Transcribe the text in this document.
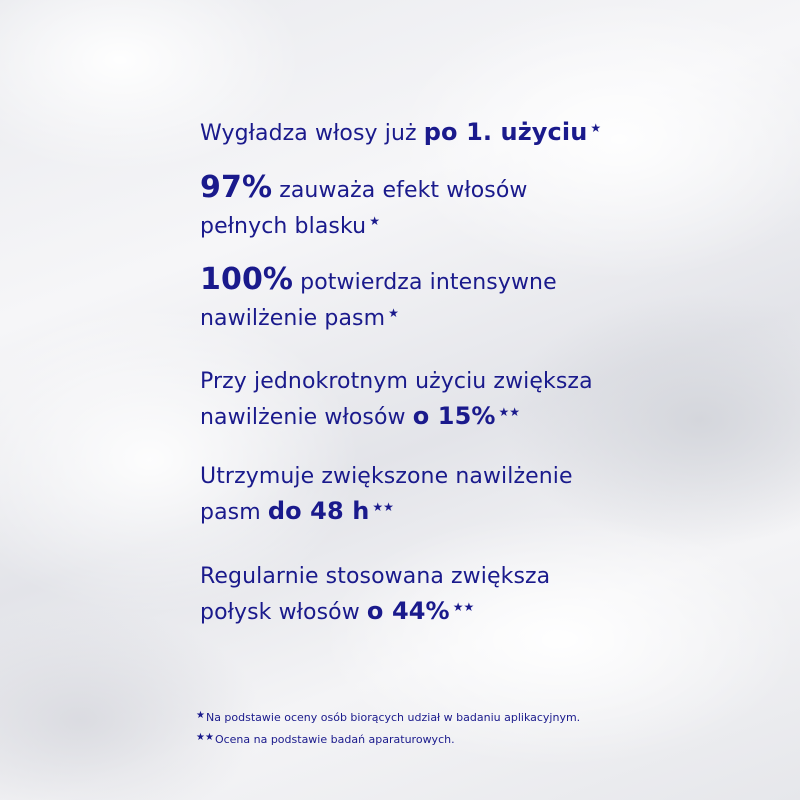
Wygładza włosy już po 1. użyciu ★

97% zauważa efekt włosów pełnych blasku ★

100% potwierdza intensywne nawilżenie pasm ★

Przy jednokrotnym użyciu zwiększa nawilżenie włosów o 15% ★★

Utrzymuje zwiększone nawilżenie pasm do 48 h ★★

Regularnie stosowana zwiększa połysk włosów o 44% ★★

★Na podstawie oceny osób biorących udział w badaniu aplikacyjnym.
★★Ocena na podstawie badań aparaturowych.
